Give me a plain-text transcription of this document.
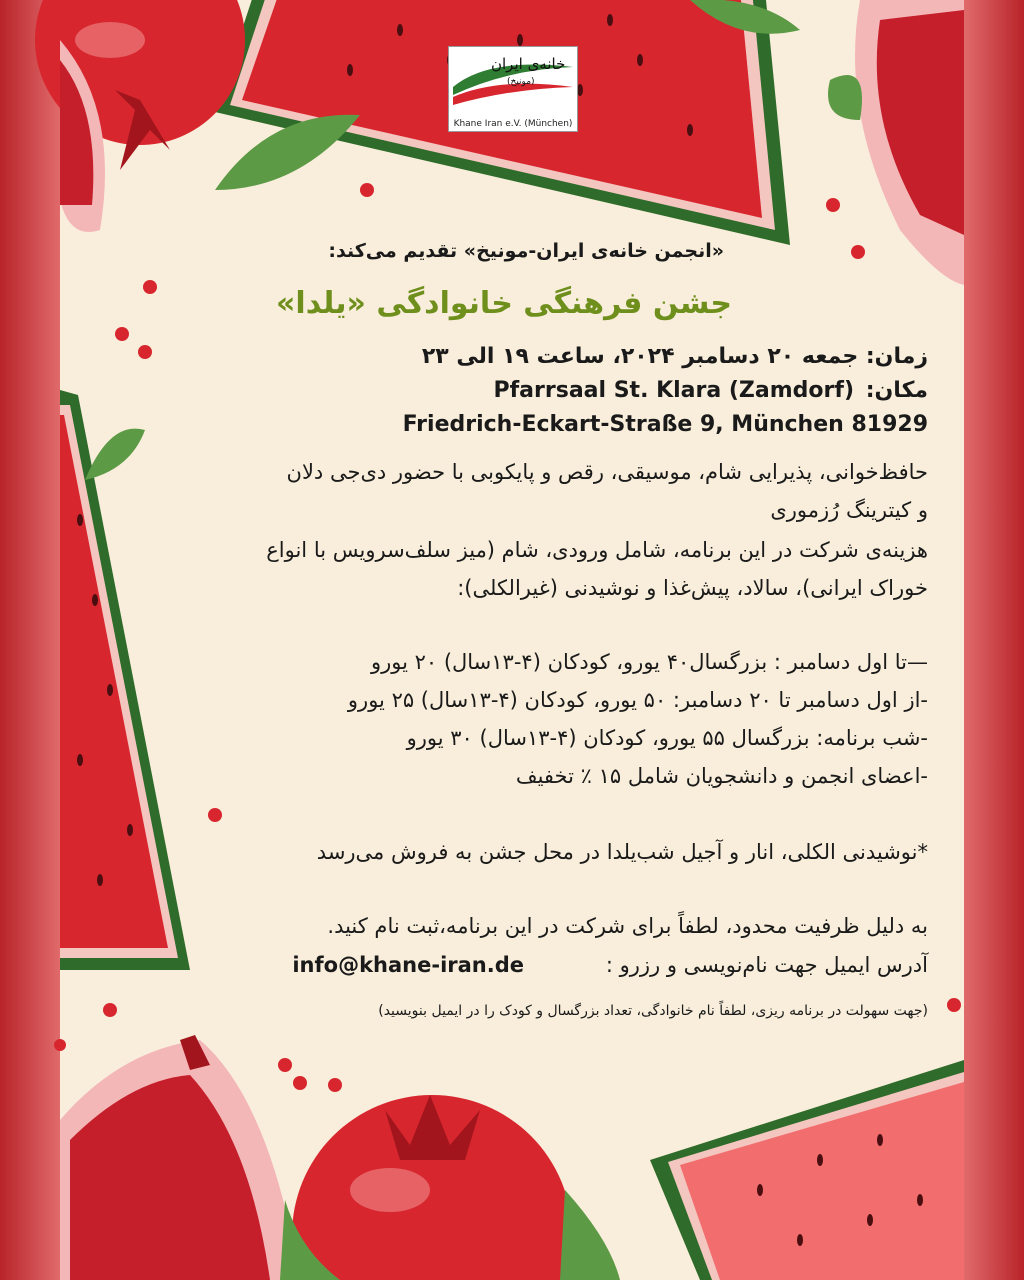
خانه‌ی ایران
(مونیخ)
Khane Iran e.V. (München)
«انجمن خانه‌ی ایران-مونیخ» تقدیم می‌کند:
جشن فرهنگی خانوادگی «یلدا»
زمان: جمعه ۲۰ دسامبر ۲۰۲۴، ساعت ۱۹ الی ۲۳
مکان:
Pfarrsaal St. Klara (Zamdorf)
Friedrich-Eckart-Straße 9, München 81929
حافظ‌خوانی، پذیرایی شام، موسیقی، رقص و پایکوبی با حضور دی‌جی دلان
و کیترینگ رُزموری
هزینه‌ی شرکت در این برنامه، شامل ورودی، شام (میز سلف‌سرویس با انواع
خوراک ایرانی)، سالاد، پیش‌غذا و نوشیدنی (غیرالکلی):
—تا اول دسامبر : بزرگسال۴۰ یورو، کودکان (۴-۱۳سال) ۲۰ یورو
-از اول دسامبر تا ۲۰ دسامبر: ۵۰ یورو، کودکان (۴-۱۳سال) ۲۵ یورو
-شب برنامه: بزرگسال ۵۵ یورو، کودکان (۴-۱۳سال) ۳۰ یورو
-اعضای انجمن و دانشجویان شامل ۱۵ ٪ تخفیف
*نوشیدنی الکلی، انار و آجیل شب‌یلدا در محل جشن به فروش می‌رسد
به دلیل ظرفیت محدود، لطفاً برای شرکت در این برنامه،ثبت نام کنید.
آدرس ایمیل جهت نام‌نویسی و رزرو :
info@khane-iran.de
(جهت سهولت در برنامه ریزی، لطفاً نام خانوادگی، تعداد بزرگسال و کودک را در ایمیل بنویسید)
